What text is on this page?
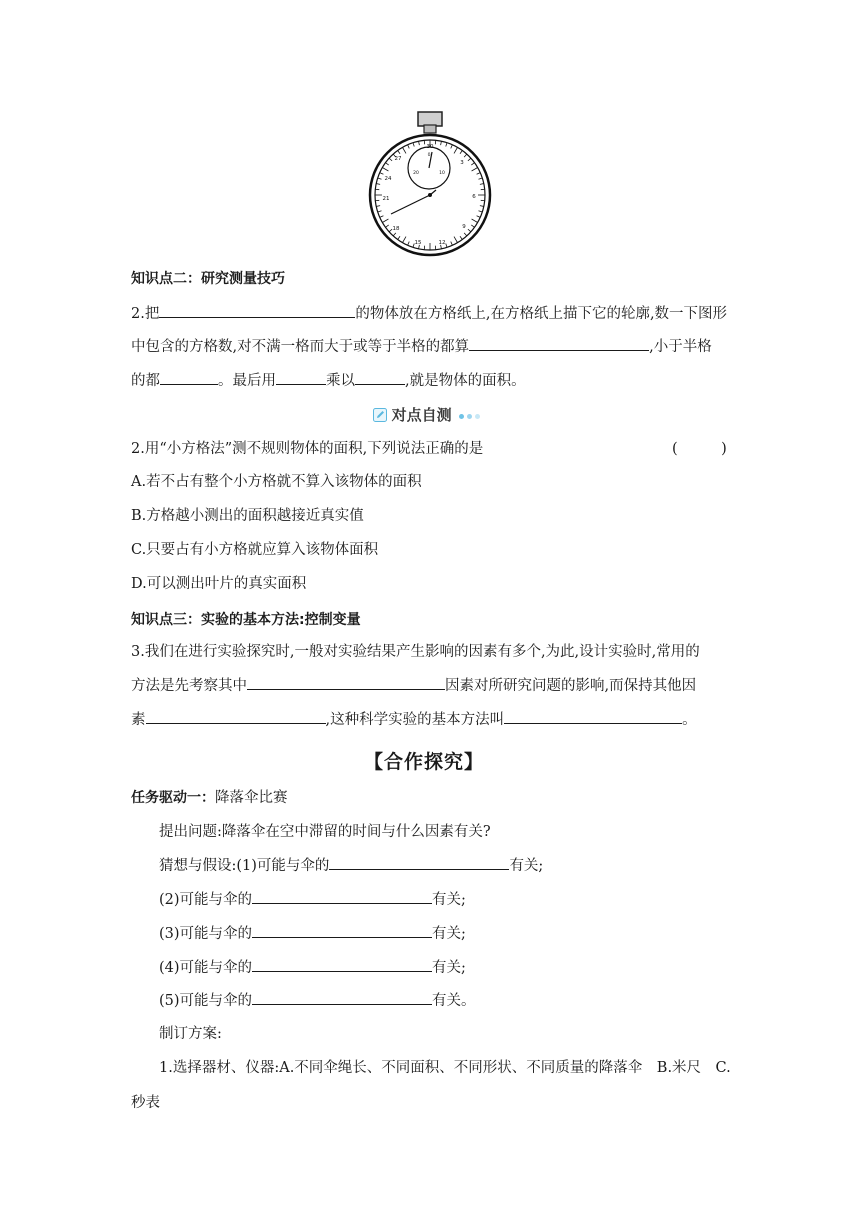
30
3
6
9
12
15
18
21
24
27
0
10
20
知识点二：研究测量技巧
2.把	的物体放在方格纸上,在方格纸上描下它的轮廓,数一下图形
中包含的方格数,对不满一格而大于或等于半格的都算	,小于半格
的都	。最后用	乘以	,就是物体的面积。
对点自测
2.用“小方格法”测不规则物体的面积,下列说法正确的是	(　　　)
A.若不占有整个小方格就不算入该物体的面积
B.方格越小测出的面积越接近真实值
C.只要占有小方格就应算入该物体面积
D.可以测出叶片的真实面积
知识点三：实验的基本方法:控制变量
3.我们在进行实验探究时,一般对实验结果产生影响的因素有多个,为此,设计实验时,常用的
方法是先考察其中	因素对所研究问题的影响,而保持其他因
素	,这种科学实验的基本方法叫	。
【合作探究】
任务驱动一：降落伞比赛
提出问题:降落伞在空中滞留的时间与什么因素有关?
猜想与假设:(1)可能与伞的	有关;
(2)可能与伞的	有关;
(3)可能与伞的	有关;
(4)可能与伞的	有关;
(5)可能与伞的	有关。
制订方案:
1.选择器材、仪器:A.不同伞绳长、不同面积、不同形状、不同质量的降落伞　B.米尺　C.
秒表
